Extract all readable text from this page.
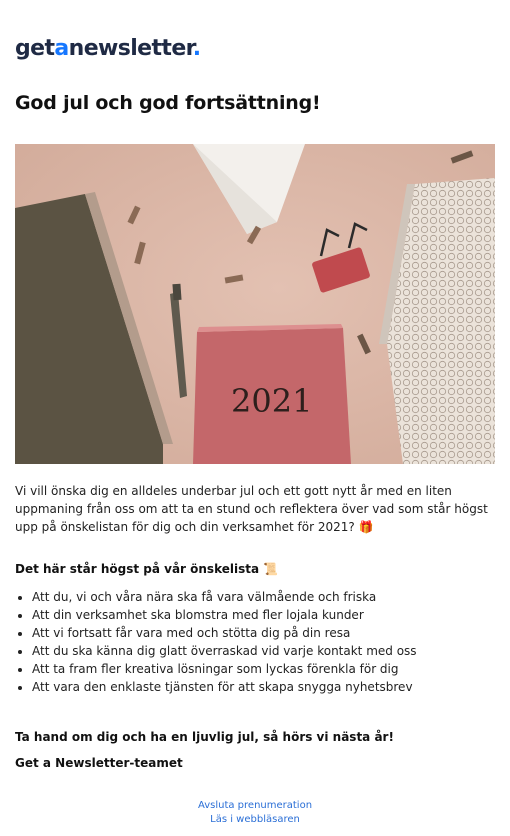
getanewsletter.
God jul och god fortsättning!
2021

Vi vill önska dig en alldeles underbar jul och ett gott nytt år med en liten uppmaning från oss om att ta en stund och reflektera över vad som står högst upp på önskelistan för dig och din verksamhet för 2021? 🎁

Det här står högst på vår önskelista 📜

• Att du, vi och våra nära ska få vara välmående och friska
• Att din verksamhet ska blomstra med fler lojala kunder
• Att vi fortsatt får vara med och stötta dig på din resa
• Att du ska känna dig glatt överraskad vid varje kontakt med oss
• Att ta fram fler kreativa lösningar som lyckas förenkla för dig
• Att vara den enklaste tjänsten för att skapa snygga nyhetsbrev

Ta hand om dig och ha en ljuvlig jul, så hörs vi nästa år!

Get a Newsletter-teamet

Avsluta prenumeration
Läs i webbläsaren
